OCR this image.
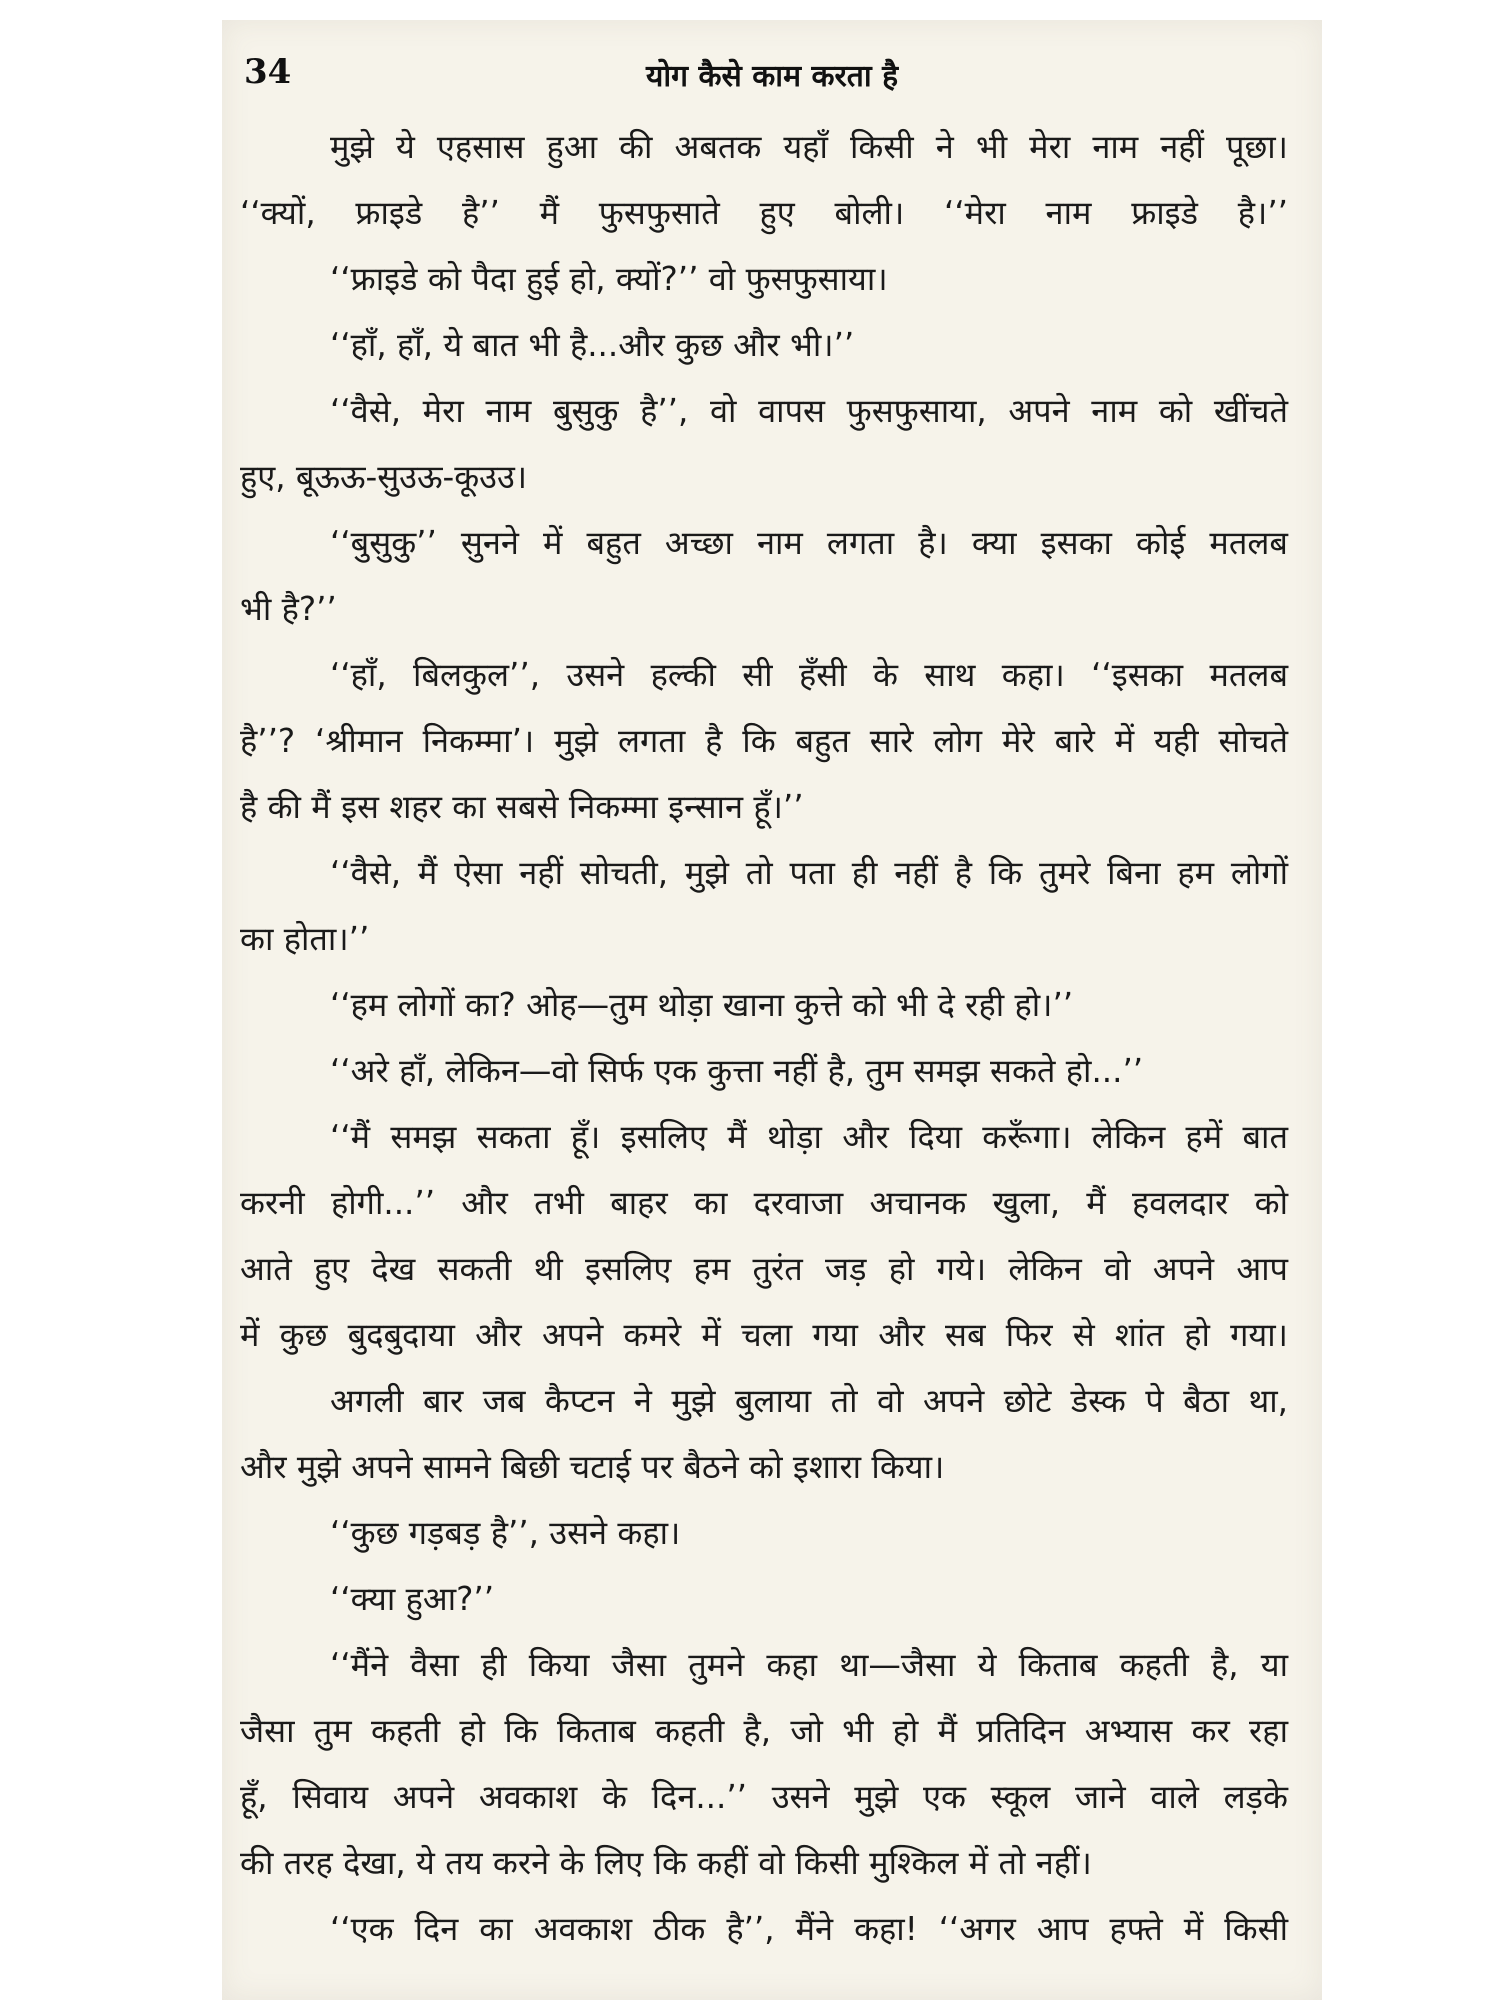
34	योग कैसे काम करता है
मुझे ये एहसास हुआ की अबतक यहाँ किसी ने भी मेरा नाम नहीं पूछा।
‘‘क्यों, फ्राइडे है’’ मैं फुसफुसाते हुए बोली। ‘‘मेरा नाम फ्राइडे है।’’
‘‘फ्राइडे को पैदा हुई हो, क्यों?’’ वो फुसफुसाया।
‘‘हाँ, हाँ, ये बात भी है...और कुछ और भी।’’
‘‘वैसे, मेरा नाम बुसुकु है’’, वो वापस फुसफुसाया, अपने नाम को खींचते
हुए, बूऊऊ-सुउऊ-कूउउ।
‘‘बुसुकु’’ सुनने में बहुत अच्छा नाम लगता है। क्या इसका कोई मतलब
भी है?’’
‘‘हाँ, बिलकुल’’, उसने हल्की सी हँसी के साथ कहा। ‘‘इसका मतलब
है’’? ‘श्रीमान निकम्मा’। मुझे लगता है कि बहुत सारे लोग मेरे बारे में यही सोचते
है की मैं इस शहर का सबसे निकम्मा इन्सान हूँ।’’
‘‘वैसे, मैं ऐसा नहीं सोचती, मुझे तो पता ही नहीं है कि तुमरे बिना हम लोगों
का होता।’’
‘‘हम लोगों का? ओह—तुम थोड़ा खाना कुत्ते को भी दे रही हो।’’
‘‘अरे हाँ, लेकिन—वो सिर्फ एक कुत्ता नहीं है, तुम समझ सकते हो...’’
‘‘मैं समझ सकता हूँ। इसलिए मैं थोड़ा और दिया करूँगा। लेकिन हमें बात
करनी होगी...’’ और तभी बाहर का दरवाजा अचानक खुला, मैं हवलदार को
आते हुए देख सकती थी इसलिए हम तुरंत जड़ हो गये। लेकिन वो अपने आप
में कुछ बुदबुदाया और अपने कमरे में चला गया और सब फिर से शांत हो गया।
अगली बार जब कैप्टन ने मुझे बुलाया तो वो अपने छोटे डेस्क पे बैठा था,
और मुझे अपने सामने बिछी चटाई पर बैठने को इशारा किया।
‘‘कुछ गड़बड़ है’’, उसने कहा।
‘‘क्या हुआ?’’
‘‘मैंने वैसा ही किया जैसा तुमने कहा था—जैसा ये किताब कहती है, या
जैसा तुम कहती हो कि किताब कहती है, जो भी हो मैं प्रतिदिन अभ्यास कर रहा
हूँ, सिवाय अपने अवकाश के दिन...’’ उसने मुझे एक स्कूल जाने वाले लड़के
की तरह देखा, ये तय करने के लिए कि कहीं वो किसी मुश्किल में तो नहीं।
‘‘एक दिन का अवकाश ठीक है’’, मैंने कहा! ‘‘अगर आप हफ्ते में किसी
